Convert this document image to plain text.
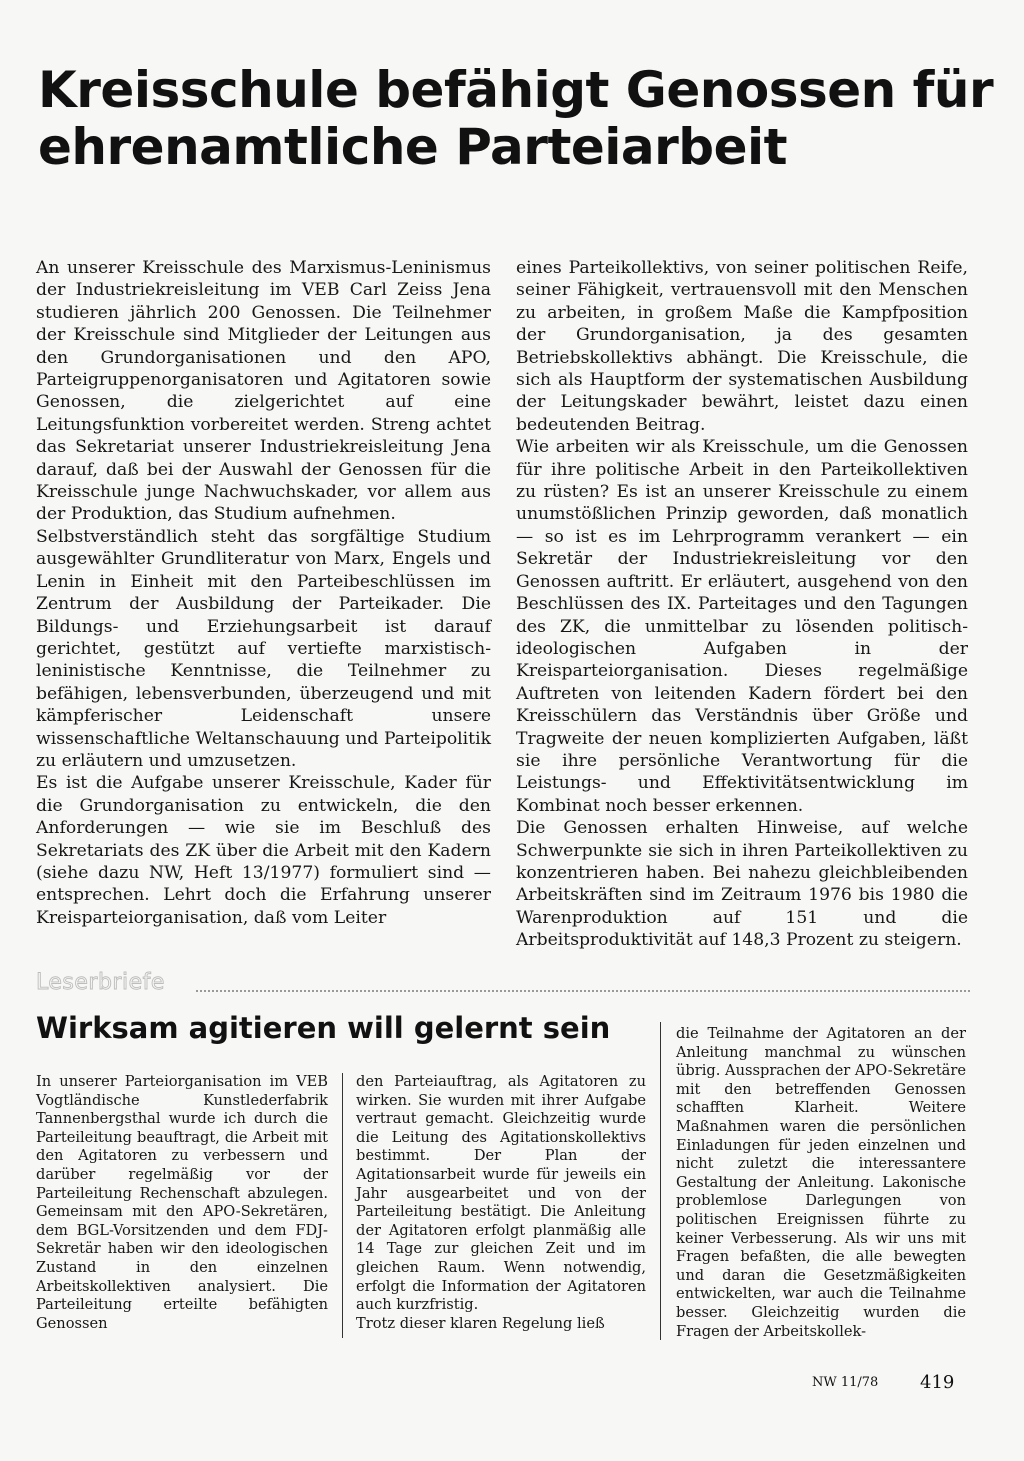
Kreisschule befähigt Genossen für ehrenamtliche Parteiarbeit

An unserer Kreisschule des Marxismus-Leninismus der Industriekreisleitung im VEB Carl Zeiss Jena studieren jährlich 200 Genossen. Die Teilnehmer der Kreisschule sind Mitglieder der Leitungen aus den Grundorganisationen und den APO, Parteigruppenorganisatoren und Agitatoren sowie Genossen, die zielgerichtet auf eine Leitungsfunktion vorbereitet werden. Streng achtet das Sekretariat unserer Industriekreisleitung Jena darauf, daß bei der Auswahl der Genossen für die Kreisschule junge Nachwuchskader, vor allem aus der Produktion, das Studium aufnehmen.

Selbstverständlich steht das sorgfältige Studium ausgewählter Grundliteratur von Marx, Engels und Lenin in Einheit mit den Parteibeschlüssen im Zentrum der Ausbildung der Parteikader. Die Bildungs- und Erziehungsarbeit ist darauf gerichtet, gestützt auf vertiefte marxistisch-leninistische Kenntnisse, die Teilnehmer zu befähigen, lebensverbunden, überzeugend und mit kämpferischer Leidenschaft unsere wissenschaftliche Weltanschauung und Parteipolitik zu erläutern und umzusetzen.

Es ist die Aufgabe unserer Kreisschule, Kader für die Grundorganisation zu entwickeln, die den Anforderungen — wie sie im Beschluß des Sekretariats des ZK über die Arbeit mit den Kadern (siehe dazu NW, Heft 13/1977) formuliert sind — entsprechen. Lehrt doch die Erfahrung unserer Kreisparteiorganisation, daß vom Leiter

eines Parteikollektivs, von seiner politischen Reife, seiner Fähigkeit, vertrauensvoll mit den Menschen zu arbeiten, in großem Maße die Kampfposition der Grundorganisation, ja des gesamten Betriebskollektivs abhängt. Die Kreisschule, die sich als Hauptform der systematischen Ausbildung der Leitungskader bewährt, leistet dazu einen bedeutenden Beitrag.

Wie arbeiten wir als Kreisschule, um die Genossen für ihre politische Arbeit in den Parteikollektiven zu rüsten? Es ist an unserer Kreisschule zu einem unumstößlichen Prinzip geworden, daß monatlich — so ist es im Lehrprogramm verankert — ein Sekretär der Industriekreisleitung vor den Genossen auftritt. Er erläutert, ausgehend von den Beschlüssen des IX. Parteitages und den Tagungen des ZK, die unmittelbar zu lösenden politisch-ideologischen Aufgaben in der Kreisparteiorganisation. Dieses regelmäßige Auftreten von leitenden Kadern fördert bei den Kreisschülern das Verständnis über Größe und Tragweite der neuen komplizierten Aufgaben, läßt sie ihre persönliche Verantwortung für die Leistungs- und Effektivitätsentwicklung im Kombinat noch besser erkennen.

Die Genossen erhalten Hinweise, auf welche Schwerpunkte sie sich in ihren Parteikollektiven zu konzentrieren haben. Bei nahezu gleichbleibenden Arbeitskräften sind im Zeitraum 1976 bis 1980 die Warenproduktion auf 151 und die Arbeitsproduktivität auf 148,3 Prozent zu steigern.

Leserbriefe
Wirksam agitieren will gelernt sein

In unserer Parteiorganisation im VEB Vogtländische Kunstlederfabrik Tannenbergsthal wurde ich durch die Parteileitung beauftragt, die Arbeit mit den Agitatoren zu verbessern und darüber regelmäßig vor der Parteileitung Rechenschaft abzulegen. Gemeinsam mit den APO-Sekretären, dem BGL-Vorsitzenden und dem FDJ-Sekretär haben wir den ideologischen Zustand in den einzelnen Arbeitskollektiven analysiert. Die Parteileitung erteilte befähigten Genossen

den Parteiauftrag, als Agitatoren zu wirken. Sie wurden mit ihrer Aufgabe vertraut gemacht. Gleichzeitig wurde die Leitung des Agitationskollektivs bestimmt. Der Plan der Agitationsarbeit wurde für jeweils ein Jahr ausgearbeitet und von der Parteileitung bestätigt. Die Anleitung der Agitatoren erfolgt planmäßig alle 14 Tage zur gleichen Zeit und im gleichen Raum. Wenn notwendig, erfolgt die Information der Agitatoren auch kurzfristig.

Trotz dieser klaren Regelung ließ

die Teilnahme der Agitatoren an der Anleitung manchmal zu wünschen übrig. Aussprachen der APO-Sekretäre mit den betreffenden Genossen schafften Klarheit. Weitere Maßnahmen waren die persönlichen Einladungen für jeden einzelnen und nicht zuletzt die interessantere Gestaltung der Anleitung. Lakonische problemlose Darlegungen von politischen Ereignissen führte zu keiner Verbesserung. Als wir uns mit Fragen befaßten, die alle bewegten und daran die Gesetzmäßigkeiten entwickelten, war auch die Teilnahme besser. Gleichzeitig wurden die Fragen der Arbeitskollek-

NW 11/78 419
